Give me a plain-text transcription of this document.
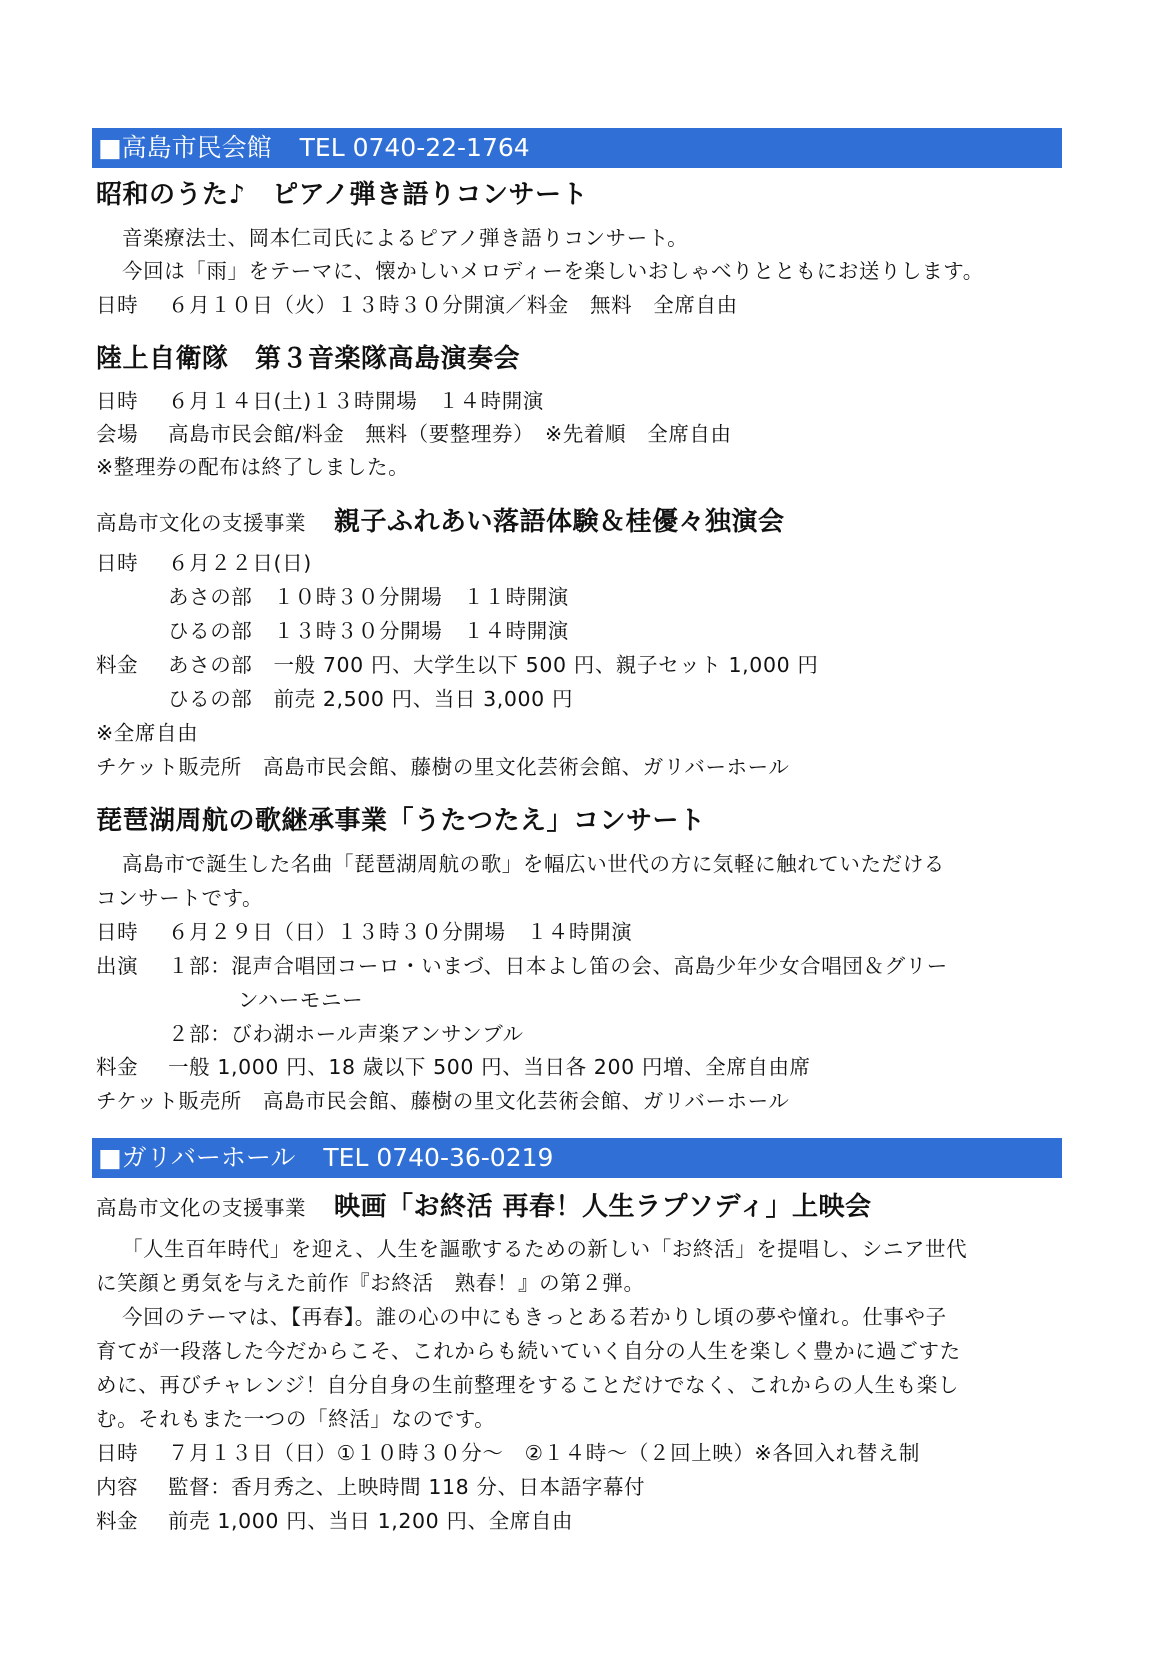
■高島市民会館 TEL 0740-22-1764
昭和のうた♪　ピアノ弾き語りコンサート
音楽療法士、岡本仁司氏によるピアノ弾き語りコンサート。
今回は「雨」をテーマに、懐かしいメロディーを楽しいおしゃべりとともにお送りします。
日時 ６月１０日（火）１３時３０分開演／料金　無料　全席自由
陸上自衛隊　第３音楽隊高島演奏会
日時 ６月１４日(土)１３時開場　１４時開演
会場 高島市民会館/料金　無料（要整理券）　※先着順　全席自由
※整理券の配布は終了しました。
高島市文化の支援事業 親子ふれあい落語体験＆桂優々独演会
日時 ６月２２日(日)
あさの部　１０時３０分開場　１１時開演
ひるの部　１３時３０分開場　１４時開演
料金 あさの部　一般 700 円、大学生以下 500 円、親子セット 1,000 円
ひるの部　前売 2,500 円、当日 3,000 円
※全席自由
チケット販売所　 高島市民会館、藤樹の里文化芸術会館、ガリバーホール
琵琶湖周航の歌継承事業「うたつたえ」コンサート
高島市で誕生した名曲「琵琶湖周航の歌」を幅広い世代の方に気軽に触れていただける
コンサートです。
日時 ６月２９日（日）１３時３０分開場　１４時開演
出演 １部：混声合唱団コーロ・いまづ、日本よし笛の会、高島少年少女合唱団＆グリー
ンハーモニー
２部：びわ湖ホール声楽アンサンブル
料金 一般 1,000 円、18 歳以下 500 円、当日各 200 円増、全席自由席
チケット販売所　 高島市民会館、藤樹の里文化芸術会館、ガリバーホール
■ガリバーホール TEL 0740-36-0219
高島市文化の支援事業 映画「お終活 再春！人生ラプソディ」上映会
「人生百年時代」を迎え、人生を謳歌するための新しい「お終活」を提唱し、シニア世代
に笑顔と勇気を与えた前作『お終活　熟春！』の第２弾。
今回のテーマは、【再春】。誰の心の中にもきっとある若かりし頃の夢や憧れ。仕事や子
育てが一段落した今だからこそ、これからも続いていく自分の人生を楽しく豊かに過ごすた
めに、再びチャレンジ！自分自身の生前整理をすることだけでなく、これからの人生も楽し
む。それもまた一つの「終活」なのです。
日時 ７月１３日（日）①１０時３０分～　②１４時～（２回上映）※各回入れ替え制
内容 監督：香月秀之、上映時間 118 分、日本語字幕付
料金 前売 1,000 円、当日 1,200 円、全席自由
